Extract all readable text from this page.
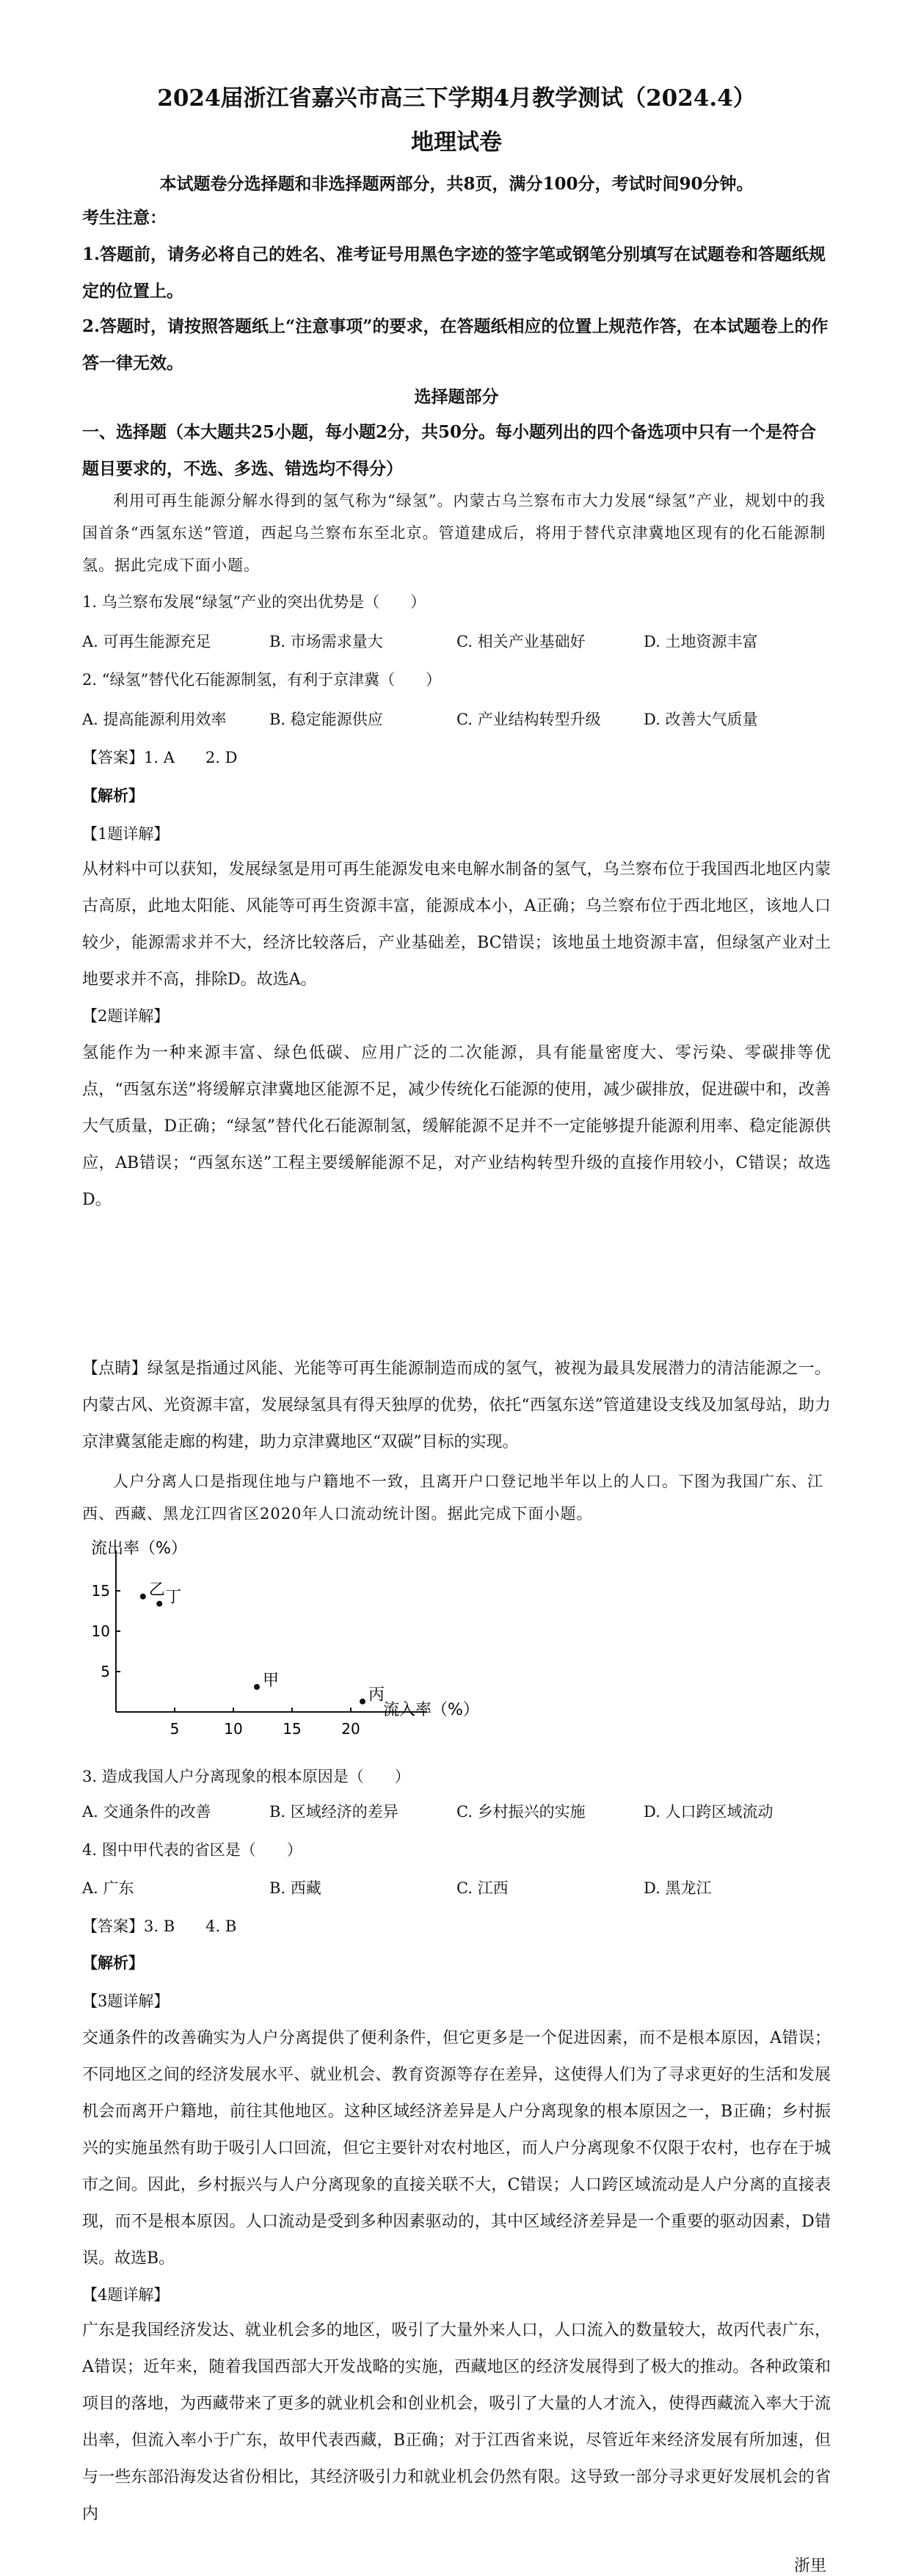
2024届浙江省嘉兴市高三下学期4月教学测试（2024.4）
地理试卷
本试题卷分选择题和非选择题两部分，共8页，满分100分，考试时间90分钟。
考生注意：
1.答题前，请务必将自己的姓名、准考证号用黑色字迹的签字笔或钢笔分别填写在试题卷和答题纸规定的位置上。
2.答题时，请按照答题纸上“注意事项”的要求，在答题纸相应的位置上规范作答，在本试题卷上的作答一律无效。
选择题部分
一、选择题（本大题共25小题，每小题2分，共50分。每小题列出的四个备选项中只有一个是符合题目要求的，不选、多选、错选均不得分）
利用可再生能源分解水得到的氢气称为“绿氢”。内蒙古乌兰察布市大力发展“绿氢”产业，规划中的我国首条“西氢东送”管道，西起乌兰察布东至北京。管道建成后，将用于替代京津冀地区现有的化石能源制氢。据此完成下面小题。
1. 乌兰察布发展“绿氢”产业的突出优势是（　　）
A. 可再生能源充足	B. 市场需求量大	C. 相关产业基础好	D. 土地资源丰富
2. “绿氢”替代化石能源制氢，有利于京津冀（　　）
A. 提高能源利用效率	B. 稳定能源供应	C. 产业结构转型升级	D. 改善大气质量
【答案】1. A　　2. D
【解析】
【1题详解】
从材料中可以获知，发展绿氢是用可再生能源发电来电解水制备的氢气，乌兰察布位于我国西北地区内蒙古高原，此地太阳能、风能等可再生资源丰富，能源成本小，A正确；乌兰察布位于西北地区，该地人口较少，能源需求并不大，经济比较落后，产业基础差，BC错误；该地虽土地资源丰富，但绿氢产业对土地要求并不高，排除D。故选A。
【2题详解】
氢能作为一种来源丰富、绿色低碳、应用广泛的二次能源，具有能量密度大、零污染、零碳排等优点，“西氢东送”将缓解京津冀地区能源不足，减少传统化石能源的使用，减少碳排放，促进碳中和，改善大气质量，D正确；“绿氢”替代化石能源制氢，缓解能源不足并不一定能够提升能源利用率、稳定能源供应，AB错误；“西氢东送”工程主要缓解能源不足，对产业结构转型升级的直接作用较小，C错误；故选D。
【点睛】绿氢是指通过风能、光能等可再生能源制造而成的氢气，被视为最具发展潜力的清洁能源之一。内蒙古风、光资源丰富，发展绿氢具有得天独厚的优势，依托“西氢东送”管道建设支线及加氢母站，助力京津冀氢能走廊的构建，助力京津冀地区“双碳”目标的实现。
人户分离人口是指现住地与户籍地不一致，且离开户口登记地半年以上的人口。下图为我国广东、江西、西藏、黑龙江四省区2020年人口流动统计图。据此完成下面小题。
流出率（%）
流入率（%）
5	10	15	20
5
10
15 乙 丁
甲
丙
3. 造成我国人户分离现象的根本原因是（　　）
A. 交通条件的改善	B. 区域经济的差异	C. 乡村振兴的实施	D. 人口跨区域流动
4. 图中甲代表的省区是（　　）
A. 广东	B. 西藏	C. 江西	D. 黑龙江
【答案】3. B　　4. B
【解析】
【3题详解】
交通条件的改善确实为人户分离提供了便利条件，但它更多是一个促进因素，而不是根本原因，A错误；不同地区之间的经济发展水平、就业机会、教育资源等存在差异，这使得人们为了寻求更好的生活和发展机会而离开户籍地，前往其他地区。这种区域经济差异是人户分离现象的根本原因之一，B正确；乡村振兴的实施虽然有助于吸引人口回流，但它主要针对农村地区，而人户分离现象不仅限于农村，也存在于城市之间。因此，乡村振兴与人户分离现象的直接关联不大，C错误；人口跨区域流动是人户分离的直接表现，而不是根本原因。人口流动是受到多种因素驱动的，其中区域经济差异是一个重要的驱动因素，D错误。故选B。
【4题详解】
广东是我国经济发达、就业机会多的地区，吸引了大量外来人口，人口流入的数量较大，故丙代表广东，A错误；近年来，随着我国西部大开发战略的实施，西藏地区的经济发展得到了极大的推动。各种政策和项目的落地，为西藏带来了更多的就业机会和创业机会，吸引了大量的人才流入，使得西藏流入率大于流出率，但流入率小于广东，故甲代表西藏，B正确；对于江西省来说，尽管近年来经济发展有所加速，但与一些东部沿海发达省份相比，其经济吸引力和就业机会仍然有限。这导致一部分寻求更好发展机会的省内
浙里
